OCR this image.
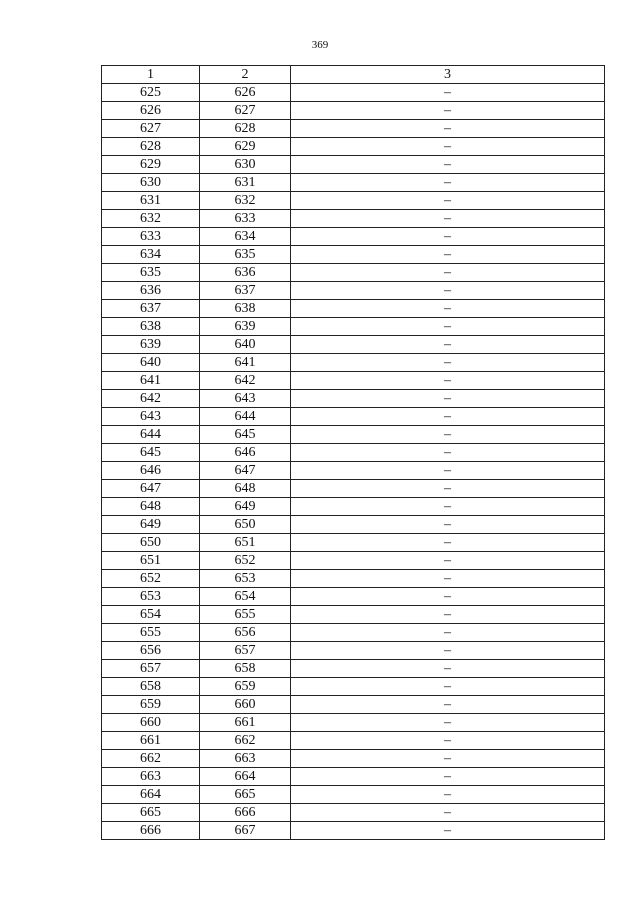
369
1	2	3
625	626	–
626	627	–
627	628	–
628	629	–
629	630	–
630	631	–
631	632	–
632	633	–
633	634	–
634	635	–
635	636	–
636	637	–
637	638	–
638	639	–
639	640	–
640	641	–
641	642	–
642	643	–
643	644	–
644	645	–
645	646	–
646	647	–
647	648	–
648	649	–
649	650	–
650	651	–
651	652	–
652	653	–
653	654	–
654	655	–
655	656	–
656	657	–
657	658	–
658	659	–
659	660	–
660	661	–
661	662	–
662	663	–
663	664	–
664	665	–
665	666	–
666	667	–
